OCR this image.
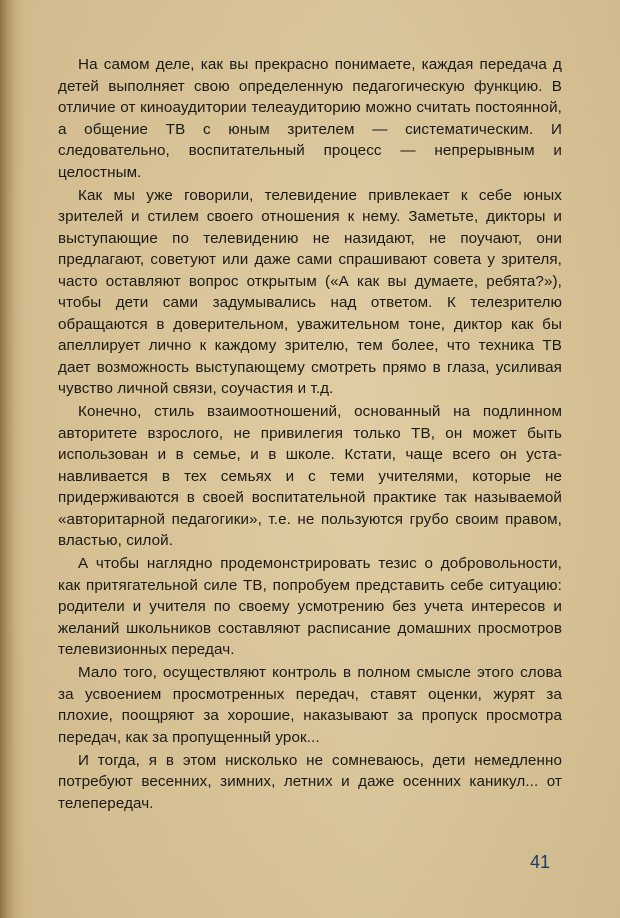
На самом деле, как вы прекрасно понимаете, каждая передача д детей выполняет свою определенную педагогическую функцию. В отличие от киноаудитории телеаудиторию можно считать постоянной, а общение ТВ с юным зрителем — систематическим. И следовательно, воспитательный процесс — непрерывным и целостным.

Как мы уже говорили, телевидение привлекает к себе юных зрителей и стилем своего отношения к нему. Заметьте, дикторы и выступающие по телевидению не назидают, не поучают, они предлагают, советуют или даже сами спрашивают совета у зрителя, часто оставляют вопрос открытым («А как вы думаете, ребята?»), чтобы дети сами задумывались над ответом. К телезрителю обращаются в доверительном, уважительном тоне, диктор как бы апеллирует лично к каждому зрителю, тем более, что техника ТВ дает возможность выступающему смотреть прямо в глаза, усиливая чувство личной связи, соучастия и т.д.

Конечно, стиль взаимоотношений, основанный на подлинном авторитете взрослого, не привилегия только ТВ, он может быть использован и в семье, и в школе. Кстати, чаще всего он устанавливается в тех семьях и с теми учителями, которые не придерживаются в своей воспитательной практике так называемой «авторитарной педагогики», т.е. не пользуются грубо своим правом, властью, силой.

А чтобы наглядно продемонстрировать тезис о добровольности, как притягательной силе ТВ, попробуем представить себе ситуацию: родители и учителя по своему усмотрению без учета интересов и желаний школьников составляют расписание домашних просмотров телевизионных передач.

Мало того, осуществляют контроль в полном смысле этого слова за усвоением просмотренных передач, ставят оценки, журят за плохие, поощряют за хорошие, наказывают за пропуск просмотра передач, как за пропущенный урок...

И тогда, я в этом нисколько не сомневаюсь, дети немедленно потребуют весенних, зимних, летних и даже осенних каникул... от телепередач.

41
